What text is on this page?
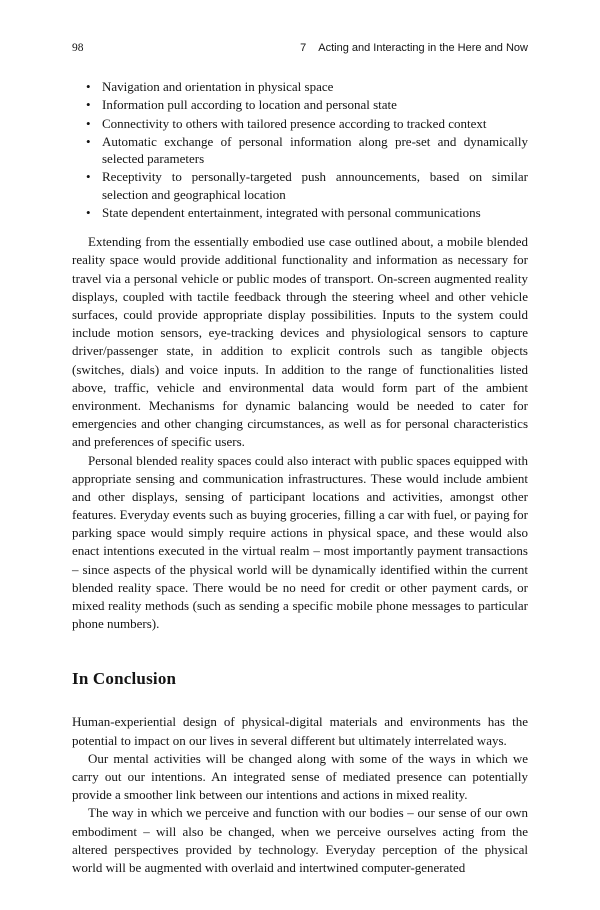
98	7 Acting and Interacting in the Here and Now
• Navigation and orientation in physical space
• Information pull according to location and personal state
• Connectivity to others with tailored presence according to tracked context
• Automatic exchange of personal information along pre-set and dynamically selected parameters
• Receptivity to personally-targeted push announcements, based on similar selection and geographical location
• State dependent entertainment, integrated with personal communications

Extending from the essentially embodied use case outlined about, a mobile blended reality space would provide additional functionality and information as necessary for travel via a personal vehicle or public modes of transport. On-screen augmented reality displays, coupled with tactile feedback through the steering wheel and other vehicle surfaces, could provide appropriate display possibilities. Inputs to the system could include motion sensors, eye-tracking devices and physiological sensors to capture driver/passenger state, in addition to explicit controls such as tangible objects (switches, dials) and voice inputs. In addition to the range of functionalities listed above, traffic, vehicle and environmental data would form part of the ambient environment. Mechanisms for dynamic balancing would be needed to cater for emergencies and other changing circumstances, as well as for personal characteristics and preferences of specific users.

Personal blended reality spaces could also interact with public spaces equipped with appropriate sensing and communication infrastructures. These would include ambient and other displays, sensing of participant locations and activities, amongst other features. Everyday events such as buying groceries, filling a car with fuel, or paying for parking space would simply require actions in physical space, and these would also enact intentions executed in the virtual realm – most importantly payment transactions – since aspects of the physical world will be dynamically identified within the current blended reality space. There would be no need for credit or other payment cards, or mixed reality methods (such as sending a specific mobile phone messages to particular phone numbers).

In Conclusion

Human-experiential design of physical-digital materials and environments has the potential to impact on our lives in several different but ultimately interrelated ways.

Our mental activities will be changed along with some of the ways in which we carry out our intentions. An integrated sense of mediated presence can potentially provide a smoother link between our intentions and actions in mixed reality.

The way in which we perceive and function with our bodies – our sense of our own embodiment – will also be changed, when we perceive ourselves acting from the altered perspectives provided by technology. Everyday perception of the physical world will be augmented with overlaid and intertwined computer-generated
